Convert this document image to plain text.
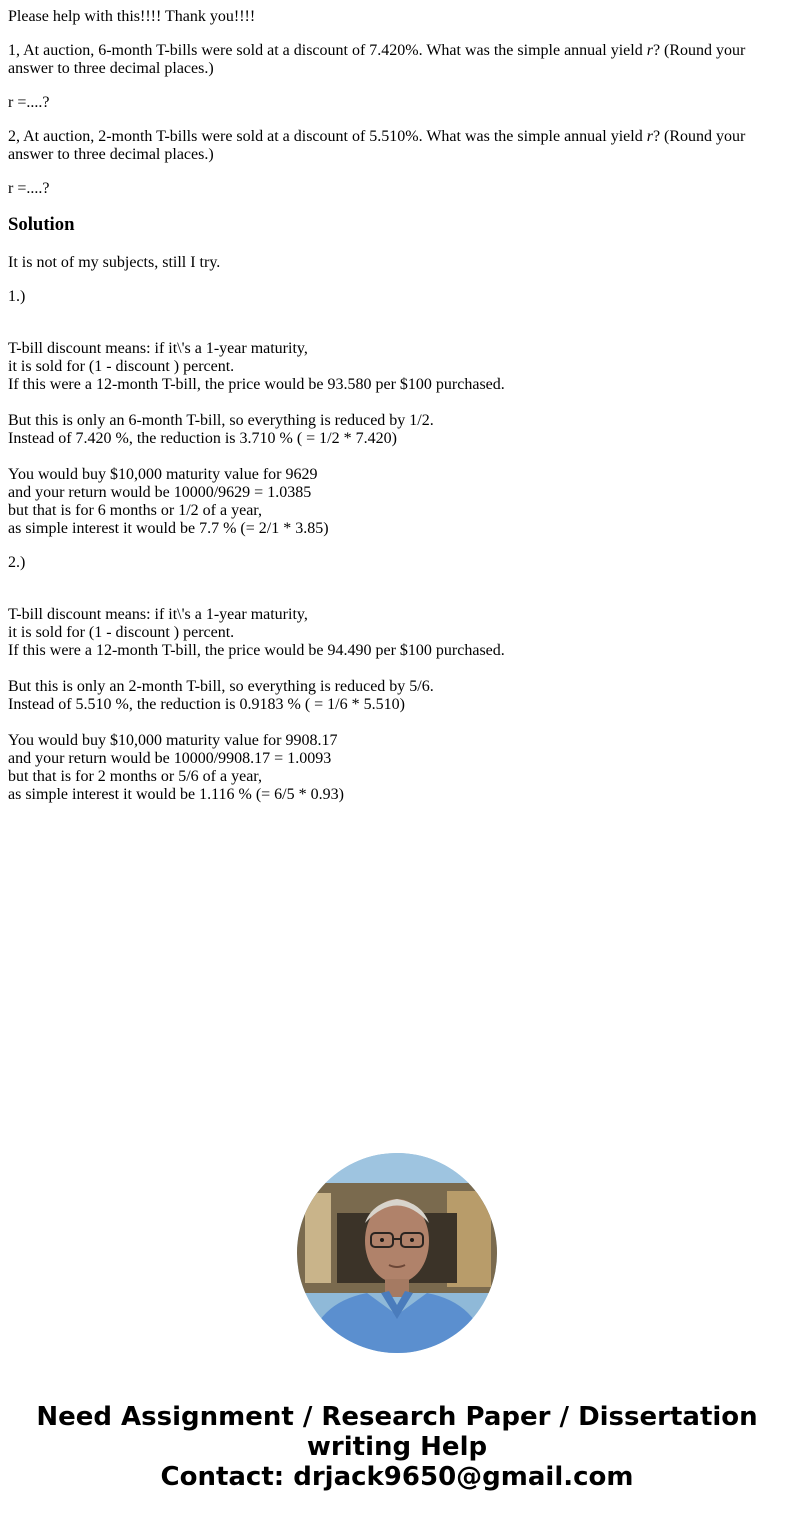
Please help with this!!!! Thank you!!!!

1, At auction, 6-month T-bills were sold at a discount of 7.420%. What was the simple annual yield r? (Round your answer to three decimal places.)

r =....?

2, At auction, 2-month T-bills were sold at a discount of 5.510%. What was the simple annual yield r? (Round your answer to three decimal places.)

r =....?

Solution

It is not of my subjects, still I try.

1.)

T-bill discount means: if it\'s a 1-year maturity,
it is sold for (1 - discount ) percent.
If this were a 12-month T-bill, the price would be 93.580 per $100 purchased.
But this is only an 6-month T-bill, so everything is reduced by 1/2.
Instead of 7.420 %, the reduction is 3.710 % ( = 1/2 * 7.420)
You would buy $10,000 maturity value for 9629
and your return would be 10000/9629 = 1.0385
but that is for 6 months or 1/2 of a year,
as simple interest it would be 7.7 % (= 2/1 * 3.85)

2.)

T-bill discount means: if it\'s a 1-year maturity,
it is sold for (1 - discount ) percent.
If this were a 12-month T-bill, the price would be 94.490 per $100 purchased.
But this is only an 2-month T-bill, so everything is reduced by 5/6.
Instead of 5.510 %, the reduction is 0.9183 % ( = 1/6 * 5.510)
You would buy $10,000 maturity value for 9908.17
and your return would be 10000/9908.17 = 1.0093
but that is for 2 months or 5/6 of a year,
as simple interest it would be 1.116 % (= 6/5 * 0.93)
Need Assignment / Research Paper / Dissertation
writing Help
Contact: drjack9650@gmail.com
